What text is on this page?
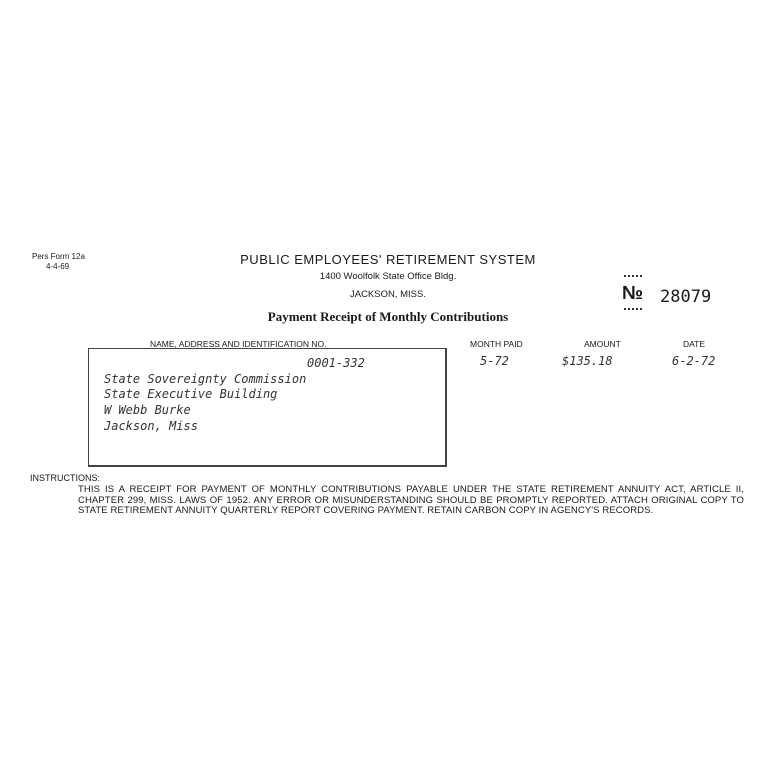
Pers Form 12a
4-4-69	PUBLIC EMPLOYEES' RETIREMENT SYSTEM
1400 Woolfolk State Office Bldg.
JACKSON, MISS.
Payment Receipt of Monthly Contributions
№ 28079
NAME, ADDRESS AND IDENTIFICATION NO.	MONTH PAID	AMOUNT	DATE
0001-332
State Sovereignty Commission
State Executive Building
W Webb Burke
Jackson, Miss
5-72	$135.18	6-2-72
INSTRUCTIONS:
THIS IS A RECEIPT FOR PAYMENT OF MONTHLY CONTRIBUTIONS PAYABLE UNDER THE STATE RETIREMENT ANNUITY ACT, ARTICLE II, CHAPTER 299, MISS. LAWS OF 1952. ANY ERROR OR MISUNDERSTANDING SHOULD BE PROMPTLY REPORTED. ATTACH ORIGINAL COPY TO STATE RETIREMENT ANNUITY QUARTERLY REPORT COVERING PAYMENT. RETAIN CARBON COPY IN AGENCY'S RECORDS.
